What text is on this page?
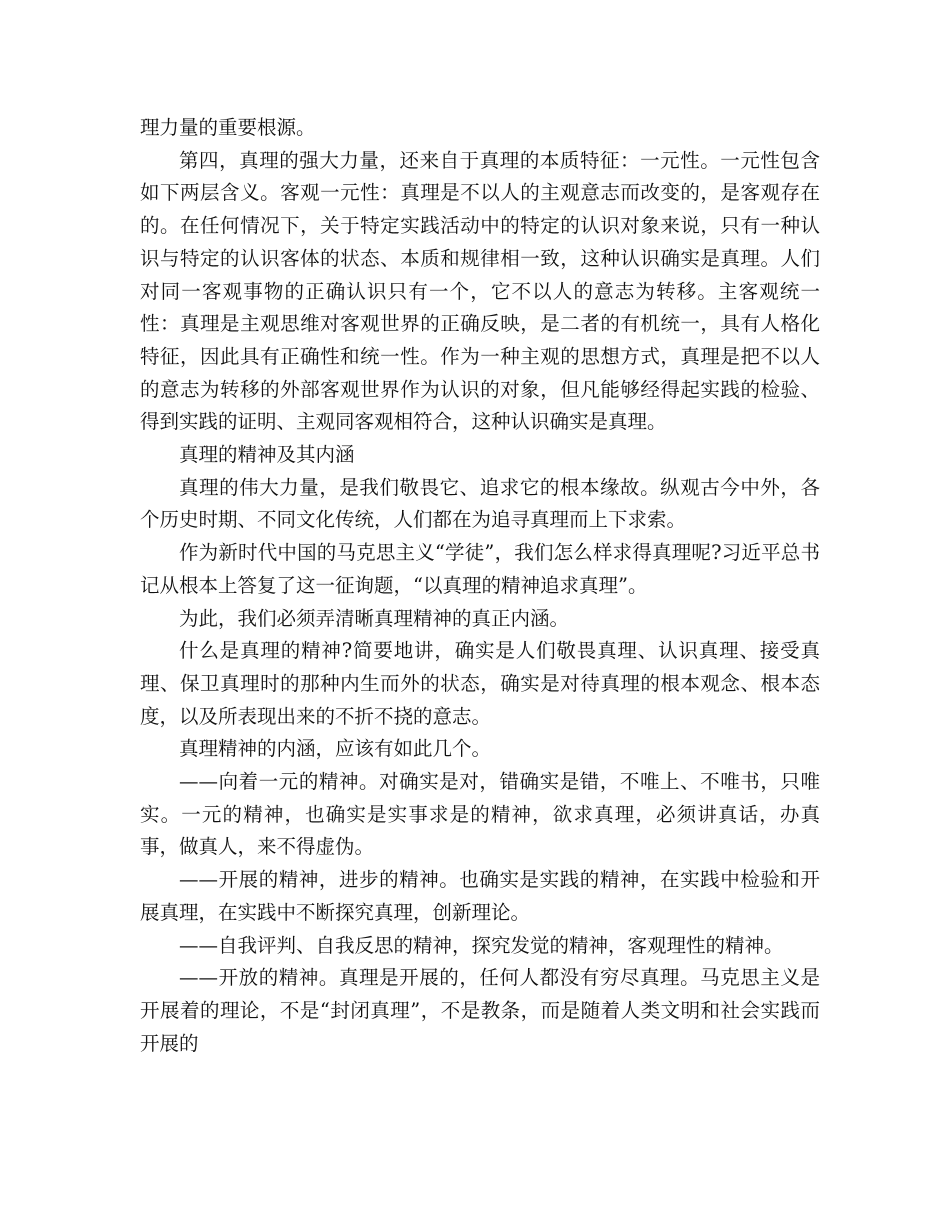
理力量的重要根源。

第四，真理的强大力量，还来自于真理的本质特征：一元性。一元性包含如下两层含义。客观一元性：真理是不以人的主观意志而改变的，是客观存在的。在任何情况下，关于特定实践活动中的特定的认识对象来说，只有一种认识与特定的认识客体的状态、本质和规律相一致，这种认识确实是真理。人们对同一客观事物的正确认识只有一个，它不以人的意志为转移。主客观统一性：真理是主观思维对客观世界的正确反映，是二者的有机统一，具有人格化特征，因此具有正确性和统一性。作为一种主观的思想方式，真理是把不以人的意志为转移的外部客观世界作为认识的对象，但凡能够经得起实践的检验、得到实践的证明、主观同客观相符合，这种认识确实是真理。

真理的精神及其内涵

真理的伟大力量，是我们敬畏它、追求它的根本缘故。纵观古今中外，各个历史时期、不同文化传统，人们都在为追寻真理而上下求索。

作为新时代中国的马克思主义“学徒”，我们怎么样求得真理呢?习近平总书记从根本上答复了这一征询题，“以真理的精神追求真理”。

为此，我们必须弄清晰真理精神的真正内涵。

什么是真理的精神?简要地讲，确实是人们敬畏真理、认识真理、接受真理、保卫真理时的那种内生而外的状态，确实是对待真理的根本观念、根本态度，以及所表现出来的不折不挠的意志。

真理精神的内涵，应该有如此几个。

——向着一元的精神。对确实是对，错确实是错，不唯上、不唯书，只唯实。一元的精神，也确实是实事求是的精神，欲求真理，必须讲真话，办真事，做真人，来不得虚伪。

——开展的精神，进步的精神。也确实是实践的精神，在实践中检验和开展真理，在实践中不断探究真理，创新理论。

——自我评判、自我反思的精神，探究发觉的精神，客观理性的精神。

——开放的精神。真理是开展的，任何人都没有穷尽真理。马克思主义是开展着的理论，不是“封闭真理”，不是教条，而是随着人类文明和社会实践而开展的
